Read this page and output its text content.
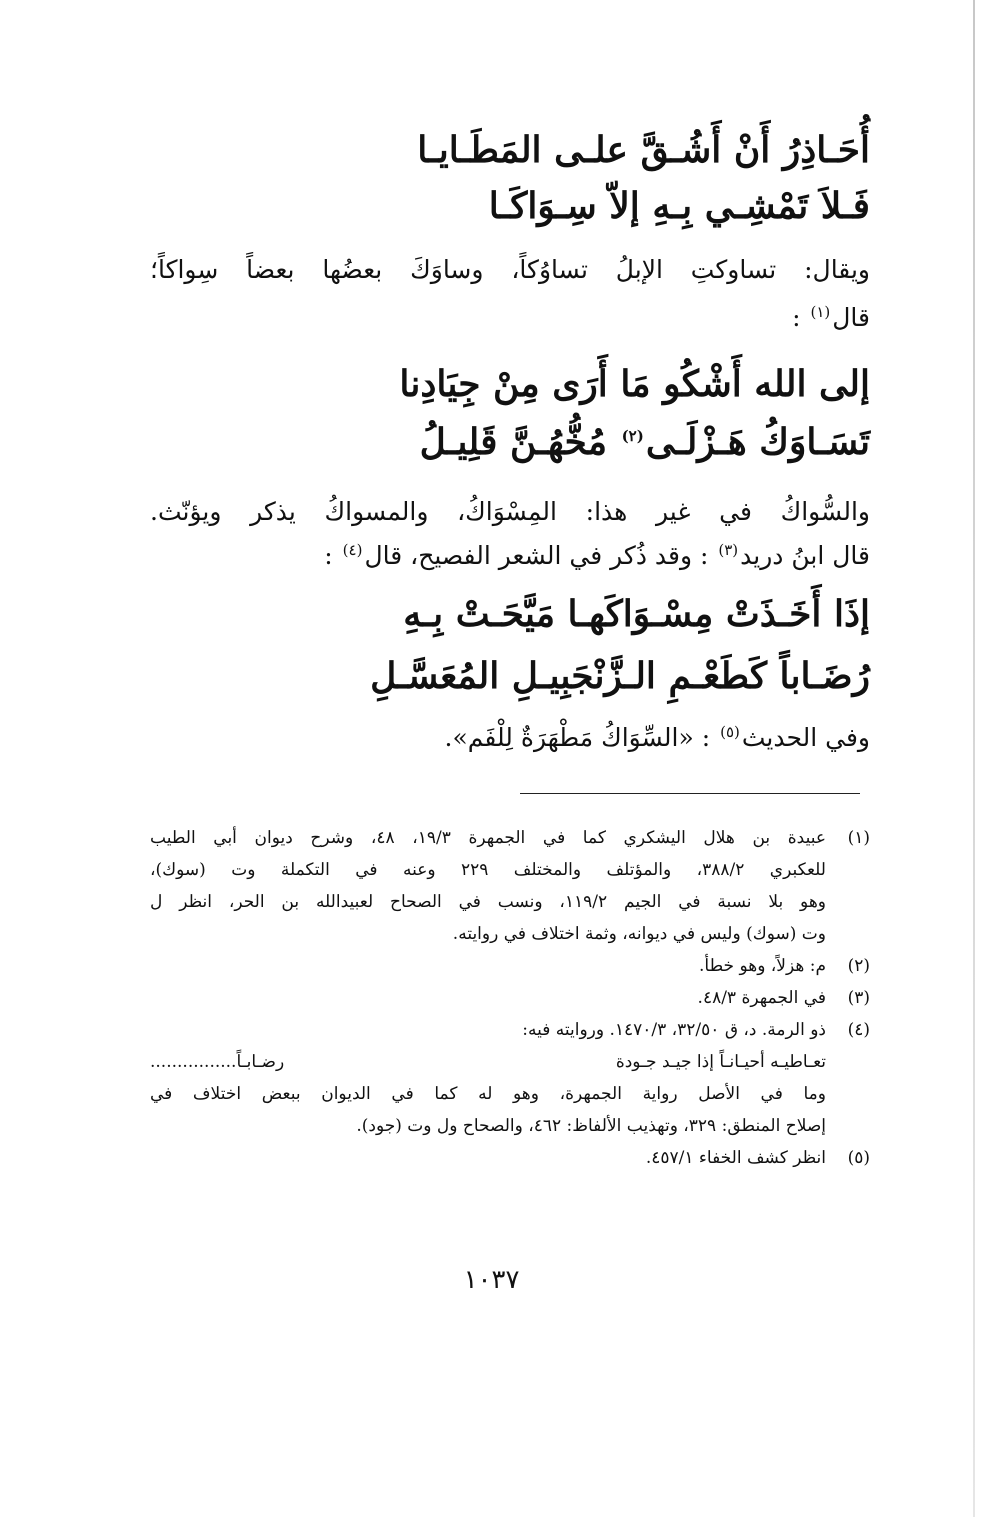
أُحَـاذِرُ أَنْ أَشُـقَّ علـى المَطَـايـا
فَـلاَ تَمْشِـي بِـهِ إلاّ سِـوَاكَـا
ويقال: تساوكتِ الإبلُ تساوُكاً، وساوَكَ بعضُها بعضاً سِواكاً؛
قال$^{(١)}$ :
إلى الله أَشْكُو مَا أَرَى مِنْ جِيَادِنا
تَسَـاوَكُ هَـزْلَـى$^{(٢)}$ مُخُّهُـنَّ قَلِيـلُ
والسُّواكُ في غير هذا: المِسْوَاكُ، والمسواكُ يذكر ويؤنّث.
قال ابنُ دريد$^{(٣)}$ : وقد ذُكر في الشعر الفصيح، قال$^{(٤)}$ :
إذَا أَخَـذَتْ مِسْـوَاكَهـا مَيَّحَـتْ بِـهِ
رُضَـاباً كَطَعْـمِ الـزَّنْجَبِيـلِ المُعَسَّـلِ
وفي الحديث$^{(٥)}$ : «السِّوَاكُ مَطْهَرَةٌ لِلْفَم».
(١)
عبيدة بن هلال اليشكري كما في الجمهرة ١٩/٣، ٤٨، وشرح ديوان أبي الطيب
للعكبري ٣٨٨/٢، والمؤتلف والمختلف ٢٢٩ وعنه في التكملة وت (سوك)،
وهو بلا نسبة في الجيم ١١٩/٢، ونسب في الصحاح لعبيدالله بن الحر، انظر ل
وت (سوك) وليس في ديوانه، وثمة اختلاف في روايته.
(٢)
م: هزلاً، وهو خطأ.
(٣)
في الجمهرة ٤٨/٣.
(٤)
ذو الرمة. د، ق ٣٢/٥٠، ١٤٧٠/٣. وروايته فيه:
تعـاطيـه أحيـانـاً إذا جيـد جـودة
رضـابـاً................
وما في الأصل رواية الجمهرة، وهو له كما في الديوان ببعض اختلاف في
إصلاح المنطق: ٣٢٩، وتهذيب الألفاظ: ٤٦٢، والصحاح ول وت (جود).
(٥)
انظر كشف الخفاء ٤٥٧/١.
١٠٣٧
